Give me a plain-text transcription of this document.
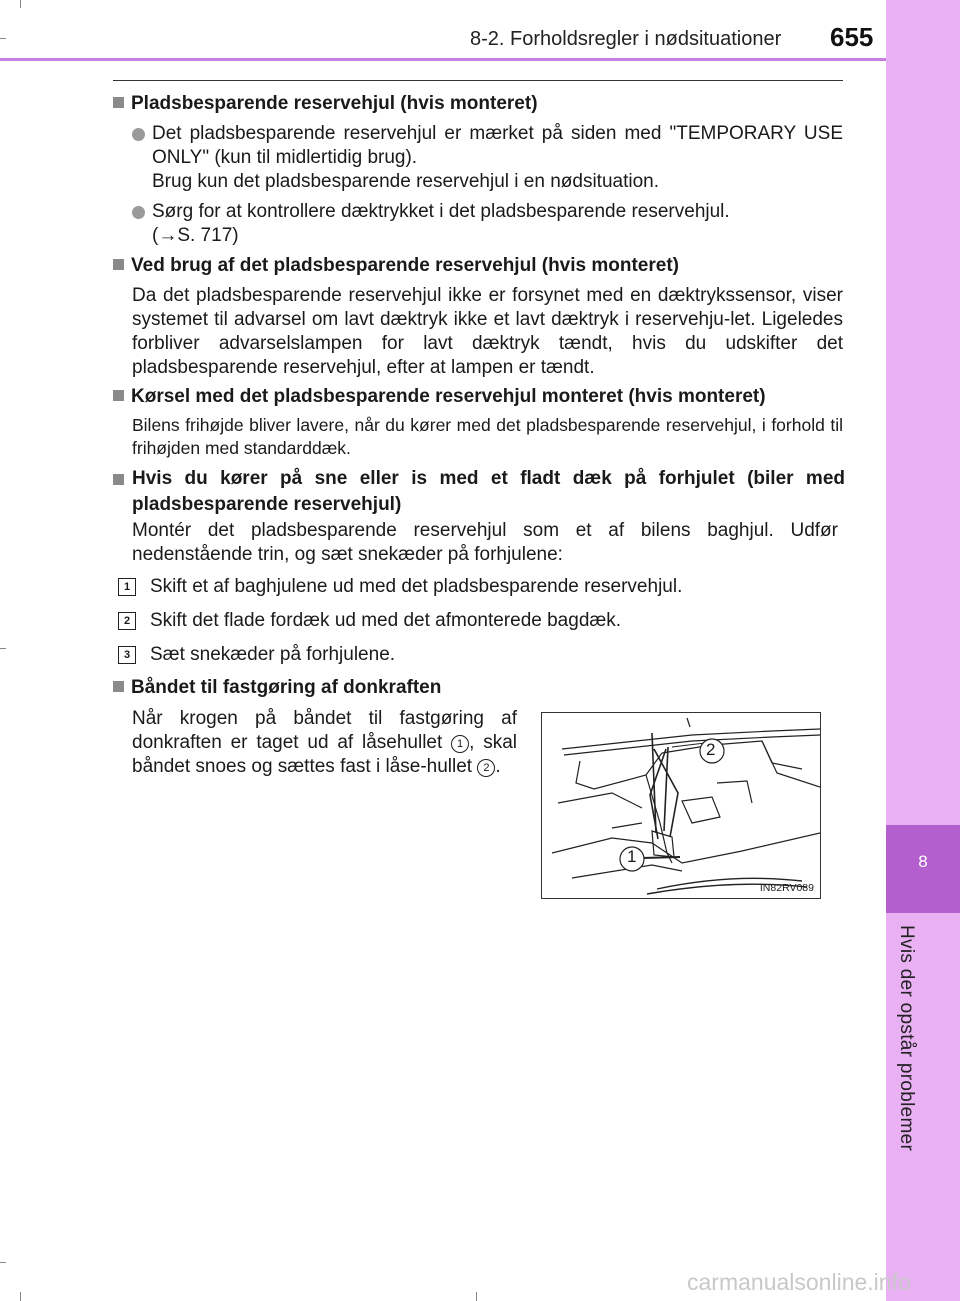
8-2. Forholdsregler i nødsituationer 655
8
Hvis der opstår problemer
Pladsbesparende reservehjul (hvis monteret)
Det pladsbesparende reservehjul er mærket på siden med "TEMPORARY USE ONLY" (kun til midlertidig brug).
Brug kun det pladsbesparende reservehjul i en nødsituation.
Sørg for at kontrollere dæktrykket i det pladsbesparende reservehjul.
(→S. 717)
Ved brug af det pladsbesparende reservehjul (hvis monteret)
Da det pladsbesparende reservehjul ikke er forsynet med en dæktrykssensor, viser systemet til advarsel om lavt dæktryk ikke et lavt dæktryk i reservehju-let. Ligeledes forbliver advarselslampen for lavt dæktryk tændt, hvis du udskifter det pladsbesparende reservehjul, efter at lampen er tændt.
Kørsel med det pladsbesparende reservehjul monteret (hvis monteret)
Bilens frihøjde bliver lavere, når du kører med det pladsbesparende reservehjul, i forhold til frihøjden med standarddæk.
Hvis du kører på sne eller is med et fladt dæk på forhjulet (biler med pladsbesparende reservehjul)
Montér det pladsbesparende reservehjul som et af bilens baghjul. Udfør nedenstående trin, og sæt snekæder på forhjulene:
1 Skift et af baghjulene ud med det pladsbesparende reservehjul.
2 Skift det flade fordæk ud med det afmonterede bagdæk.
3 Sæt snekæder på forhjulene.
Båndet til fastgøring af donkraften
Når krogen på båndet til fastgøring af donkraften er taget ud af låsehullet 1 , skal båndet snoes og sættes fast i låse-hullet 2 .
2
1
IN82RV089
carmanualsonline.info
